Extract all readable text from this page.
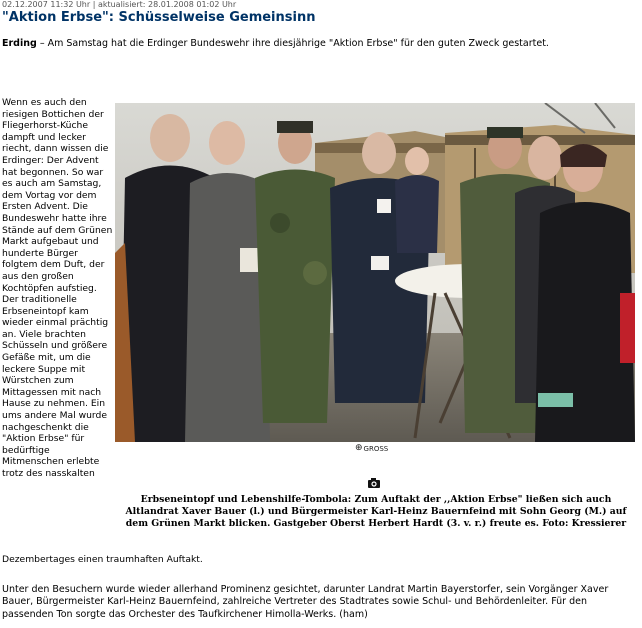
02.12.2007 11:32 Uhr | aktualisiert: 28.01.2008 01:02 Uhr
"Aktion Erbse": Schüsselweise Gemeinsinn
Erding – Am Samstag hat die Erdinger Bundeswehr ihre diesjährige "Aktion Erbse" für den guten Zweck gestartet.
Wenn es auch den riesigen Bottichen der Fliegerhorst-Küche dampft und lecker riecht, dann wissen die Erdinger: Der Advent hat begonnen. So war es auch am Samstag, dem Vortag vor dem Ersten Advent. Die Bundeswehr hatte ihre Stände auf dem Grünen Markt aufgebaut und hunderte Bürger folgtem dem Duft, der aus den großen Kochtöpfen aufstieg. Der traditionelle Erbseneintopf kam wieder einmal prächtig an. Viele brachten Schüsseln und größere Gefäße mit, um die leckere Suppe mit Würstchen zum Mittagessen mit nach Hause zu nehmen. Ein ums andere Mal wurde nachgeschenkt die "Aktion Erbse" für bedürftige Mitmenschen erlebte trotz des nasskalten
Dezembertages einen traumhaften Auftakt.
⊕ GROSS
Erbseneintopf und Lebenshilfe-Tombola: Zum Auftakt der ,,Aktion Erbse" ließen sich auch Altlandrat Xaver Bauer (l.) und Bürgermeister Karl-Heinz Bauernfeind mit Sohn Georg (M.) auf dem Grünen Markt blicken. Gastgeber Oberst Herbert Hardt (3. v. r.) freute es. Foto: Kressierer
Unter den Besuchern wurde wieder allerhand Prominenz gesichtet, darunter Landrat Martin Bayerstorfer, sein Vorgänger Xaver Bauer, Bürgermeister Karl-Heinz Bauernfeind, zahlreiche Vertreter des Stadtrates sowie Schul- und Behördenleiter. Für den passenden Ton sorgte das Orchester des Taufkirchener Himolla-Werks. (ham)
